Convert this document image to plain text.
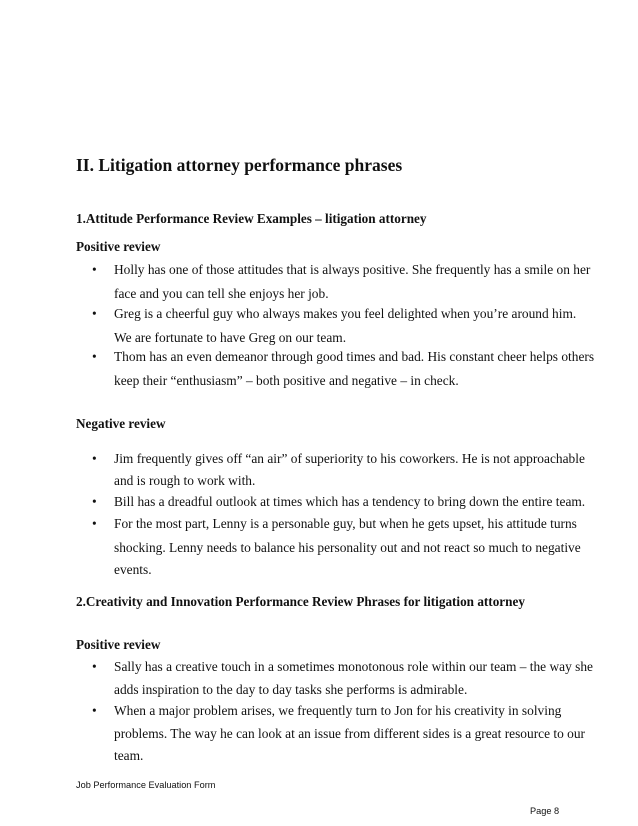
II. Litigation attorney performance phrases
1.Attitude Performance Review Examples – litigation attorney
Positive review
• Holly has one of those attitudes that is always positive. She frequently has a smile on her
face and you can tell she enjoys her job.
• Greg is a cheerful guy who always makes you feel delighted when you’re around him.
We are fortunate to have Greg on our team.
• Thom has an even demeanor through good times and bad. His constant cheer helps others
keep their “enthusiasm” – both positive and negative – in check.
Negative review
• Jim frequently gives off “an air” of superiority to his coworkers. He is not approachable
and is rough to work with.
• Bill has a dreadful outlook at times which has a tendency to bring down the entire team.
• For the most part, Lenny is a personable guy, but when he gets upset, his attitude turns
shocking. Lenny needs to balance his personality out and not react so much to negative
events.
2.Creativity and Innovation Performance Review Phrases for litigation attorney
Positive review
• Sally has a creative touch in a sometimes monotonous role within our team – the way she
adds inspiration to the day to day tasks she performs is admirable.
• When a major problem arises, we frequently turn to Jon for his creativity in solving
problems. The way he can look at an issue from different sides is a great resource to our
team.
Job Performance Evaluation Form
Page 8
